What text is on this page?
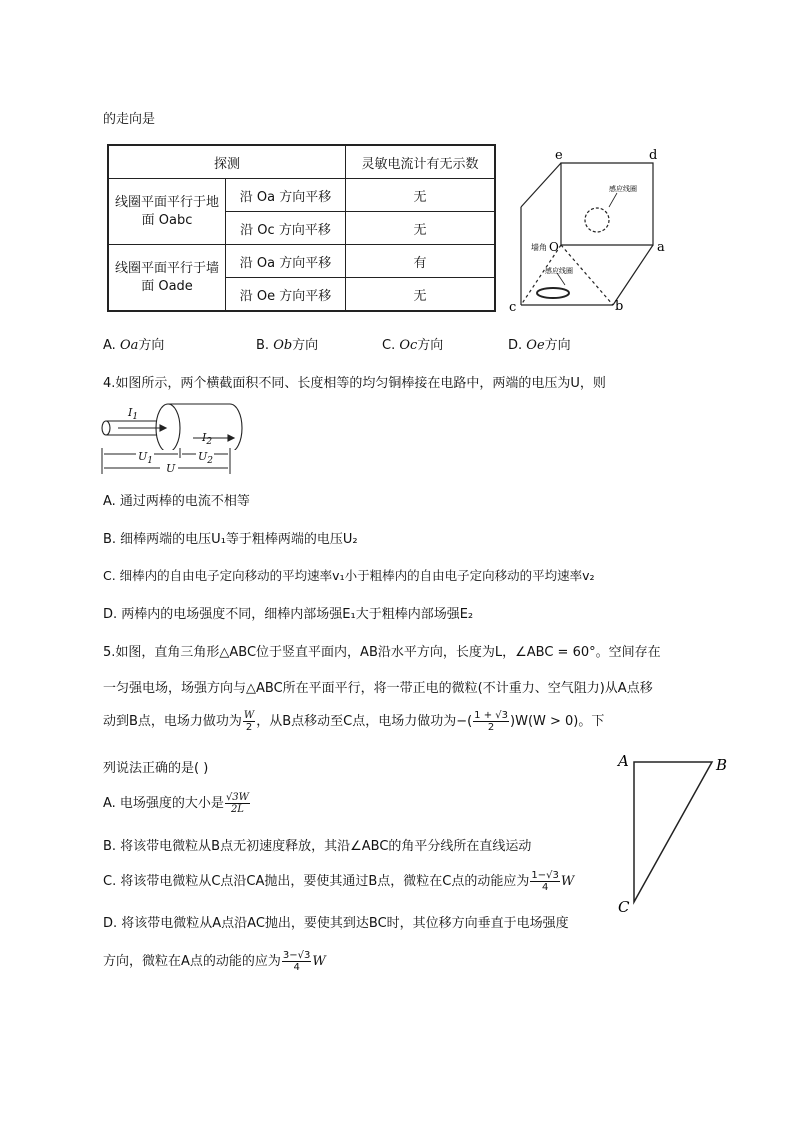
的走向是
探测		灵敏电流计有无示数
线圈平面平行于地面 Oabc	沿 Oa 方向平移	无
	沿 Oc 方向平移	无
线圈平面平行于墙面 Oade	沿 Oa 方向平移	有
	沿 Oe 方向平移	无
e	d
a
b
c
O
墙角
感应线圈
感应线圈
A. Oa方向	B. Ob方向	C. Oc方向	D. Oe方向
4.如图所示，两个横截面积不同、长度相等的均匀铜棒接在电路中，两端的电压为U，则
$I_1$
$I_2$
$U_1$	$U_2$
U
A. 通过两棒的电流不相等
B. 细棒两端的电压U₁等于粗棒两端的电压U₂
C. 细棒内的自由电子定向移动的平均速率v₁小于粗棒内的自由电子定向移动的平均速率v₂
D. 两棒内的电场强度不同，细棒内部场强E₁大于粗棒内部场强E₂
5.如图，直角三角形△ABC位于竖直平面内，AB沿水平方向，长度为L，∠ABC = 60°。空间存在
一匀强电场，场强方向与△ABC所在平面平行，将一带正电的微粒(不计重力、空气阻力)从A点移
动到B点，电场力做功为 $\frac{W}{2}$ ，从B点移动至C点，电场力做功为−( $\frac{1 + √3}{2} )W(W > 0)$。下
列说法正确的是( )
A. 电场强度的大小是 $\frac{√3W}{2L}$
B. 将该带电微粒从B点无初速度释放，其沿∠ABC的角平分线所在直线运动
C. 将该带电微粒从C点沿CA抛出，要使其通过B点，微粒在C点的动能应为 $\frac{1-√3}{4}$ W
D. 将该带电微粒从A点沿AC抛出，要使其到达BC时，其位移方向垂直于电场强度
方向，微粒在A点的动能的应为 $\frac{3-√3}{4}$ W
A	B
C
